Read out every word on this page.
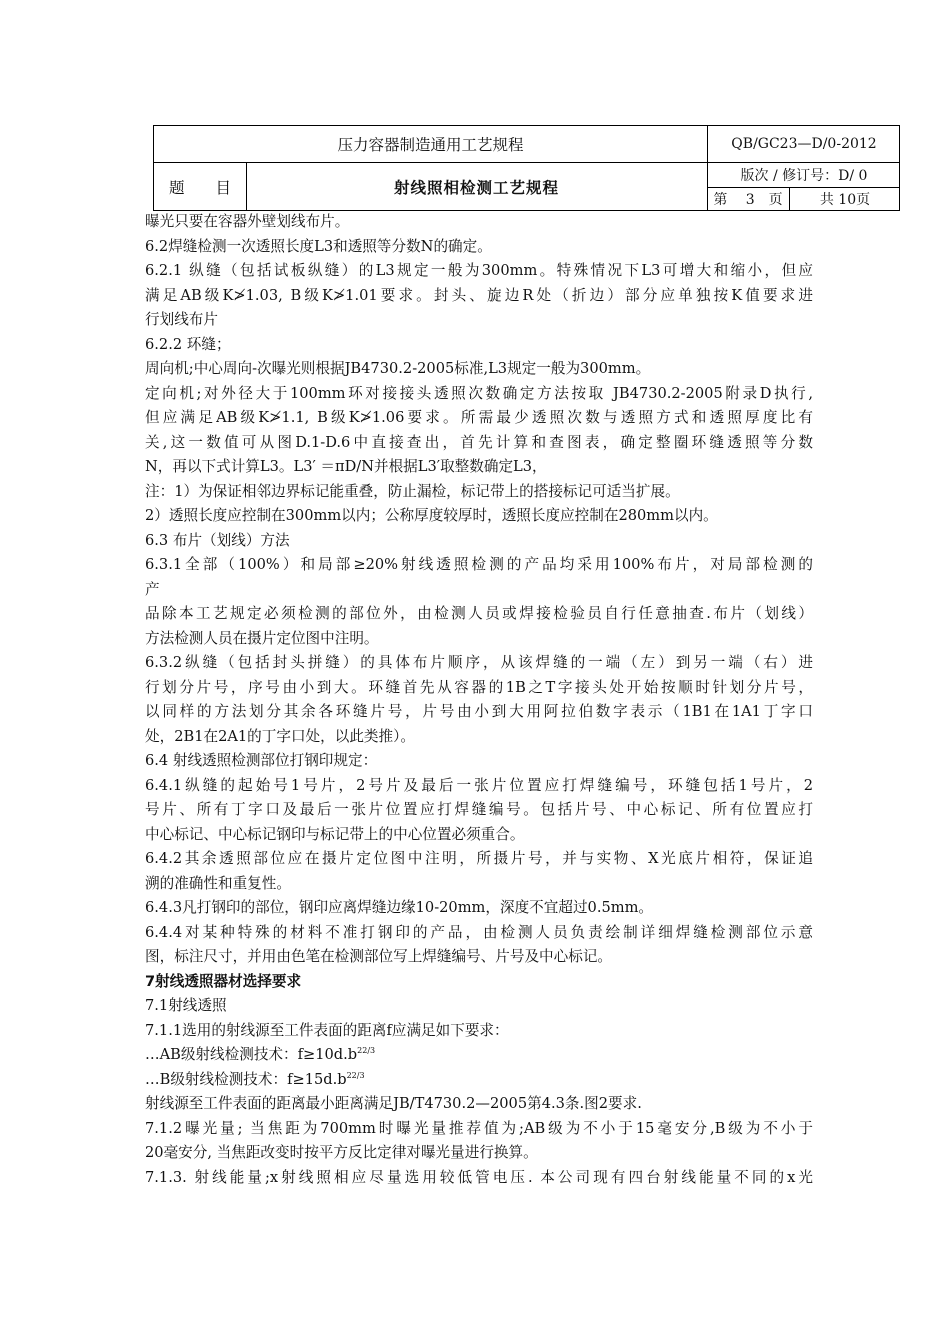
压力容器制造通用工艺规程	QB/GC23—D/0-2012
题　　目	射线照相检测工艺规程
版次 / 修订号：D/ 0
第　 3　页	共 10页

曝光只要在容器外壁划线布片。

6.2焊缝检测一次透照长度L3和透照等分数N的确定。

6.2.1 纵缝（包括试板纵缝）的L3规定一般为300mm。特殊情况下L3可增大和缩小，但应

满足AB级K≯1.03, B级K≯1.01要求。封头、旋边R处（折边）部分应单独按K值要求进

行划线布片

6.2.2 环缝；

周向机;中心周向-次曝光则根据JB4730.2-2005标准,L3规定一般为300mm。

定向机;对外径大于100mm环对接接头透照次数确定方法按取 JB4730.2-2005附录D执行,

但应满足AB级K≯1.1, B级K≯1.06要求。所需最少透照次数与透照方式和透照厚度比有

关,这一数值可从图D.1-D.6中直接查出，首先计算和查图表，确定整圈环缝透照等分数

N，再以下式计算L3。L3′ ＝πD/N并根据L3′取整数确定L3，

注：1）为保证相邻边界标记能重叠，防止漏检，标记带上的搭接标记可适当扩展。

2）透照长度应控制在300mm以内；公称厚度较厚时，透照长度应控制在280mm以内。

6.3 布片（划线）方法

6.3.1全部（100%）和局部≥20%射线透照检测的产品均采用100%布片，对局部检测的

产

品除本工艺规定必须检测的部位外，由检测人员或焊接检验员自行任意抽查.布片（划线）

方法检测人员在摄片定位图中注明。

6.3.2纵缝（包括封头拼缝）的具体布片顺序，从该焊缝的一端（左）到另一端（右）进

行划分片号，序号由小到大。环缝首先从容器的1B之T字接头处开始按顺时针划分片号，

以同样的方法划分其余各环缝片号，片号由小到大用阿拉伯数字表示（1B1在1A1丁字口

处，2B1在2A1的丁字口处，以此类推）。

6.4 射线透照检测部位打钢印规定：

6.4.1纵缝的起始号1号片，2号片及最后一张片位置应打焊缝编号，环缝包括1号片，2

号片、所有丁字口及最后一张片位置应打焊缝编号。包括片号、中心标记、所有位置应打

中心标记、中心标记钢印与标记带上的中心位置必须重合。

6.4.2其余透照部位应在摄片定位图中注明，所摄片号，并与实物、X光底片相符，保证追

溯的准确性和重复性。

6.4.3凡打钢印的部位，钢印应离焊缝边缘10-20mm，深度不宜超过0.5mm。

6.4.4对某种特殊的材料不准打钢印的产品，由检测人员负责绘制详细焊缝检测部位示意

图，标注尺寸，并用由色笔在检测部位写上焊缝编号、片号及中心标记。

7射线透照器材选择要求

7.1射线透照

7.1.1选用的射线源至工件表面的距离f应满足如下要求：

…AB级射线检测技术：$f\ge 10d.b^{22/3}$

…B级射线检测技术：$f\ge 15d.b^{22/3}$

射线源至工件表面的距离最小距离满足JB/T4730.2—2005第4.3条.图2要求.

7.1.2曝光量; 当焦距为700mm时曝光量推荐值为;AB级为不小于15毫安分,B级为不小于

20毫安分, 当焦距改变时按平方反比定律对曝光量进行换算。

7.1.3. 射线能量;x射线照相应尽量选用较低管电压. 本公司现有四台射线能量不同的x光
